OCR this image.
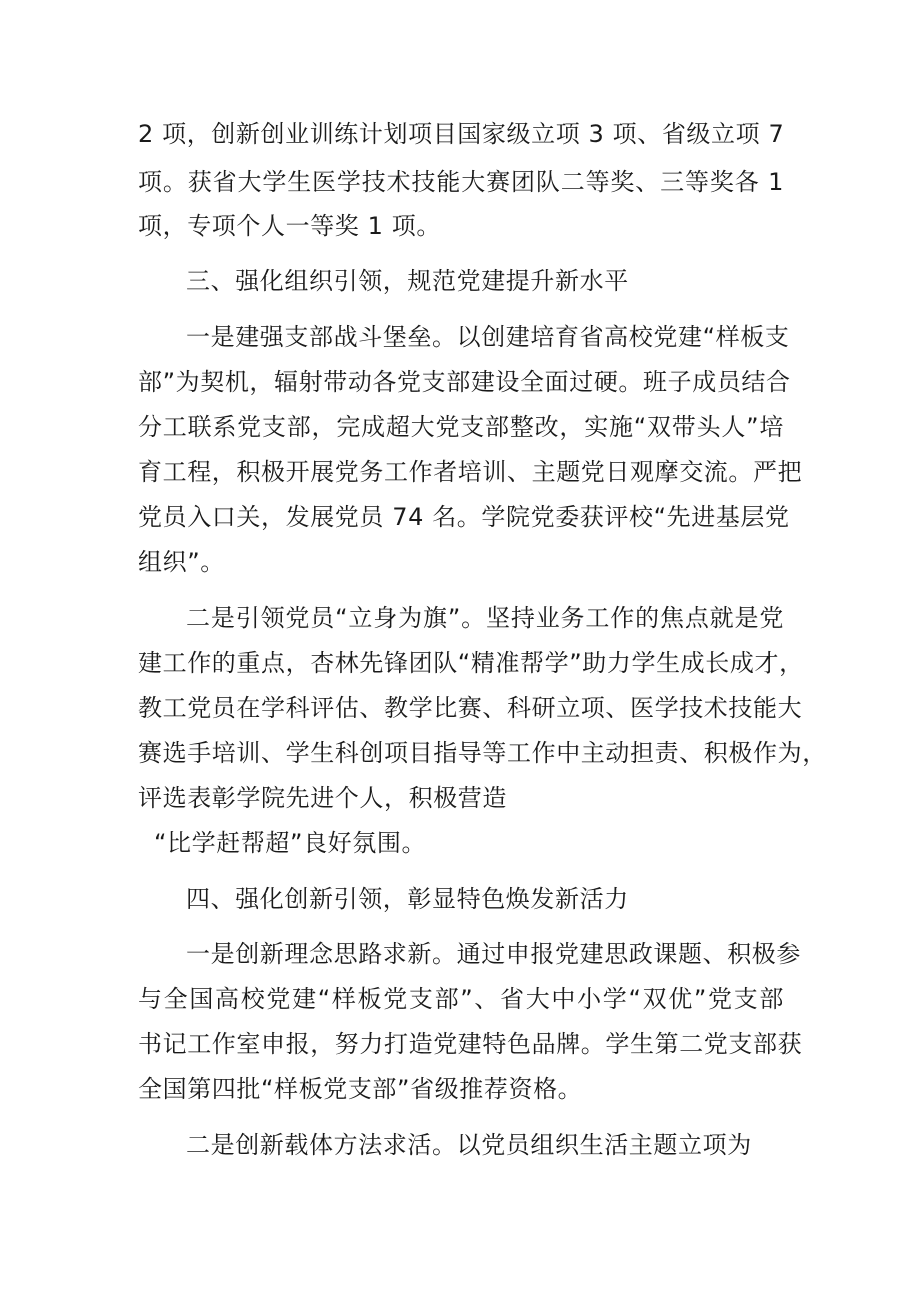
2 项，创新创业训练计划项目国家级立项 3 项、省级立项 7
项。获省大学生医学技术技能大赛团队二等奖、三等奖各 1
项，专项个人一等奖 1 项。
三、强化组织引领，规范党建提升新水平
一是建强支部战斗堡垒。以创建培育省高校党建“样板支
部”为契机，辐射带动各党支部建设全面过硬。班子成员结合
分工联系党支部，完成超大党支部整改，实施“双带头人”培
育工程，积极开展党务工作者培训、主题党日观摩交流。严把
党员入口关，发展党员 74 名。学院党委获评校“先进基层党
组织”。
二是引领党员“立身为旗”。坚持业务工作的焦点就是党
建工作的重点，杏林先锋团队“精准帮学”助力学生成长成才，
教工党员在学科评估、教学比赛、科研立项、医学技术技能大
赛选手培训、学生科创项目指导等工作中主动担责、积极作为，
评选表彰学院先进个人，积极营造
“比学赶帮超”良好氛围。
四、强化创新引领，彰显特色焕发新活力
一是创新理念思路求新。通过申报党建思政课题、积极参
与全国高校党建“样板党支部”、省大中小学“双优”党支部
书记工作室申报，努力打造党建特色品牌。学生第二党支部获
全国第四批“样板党支部”省级推荐资格。
二是创新载体方法求活。以党员组织生活主题立项为
